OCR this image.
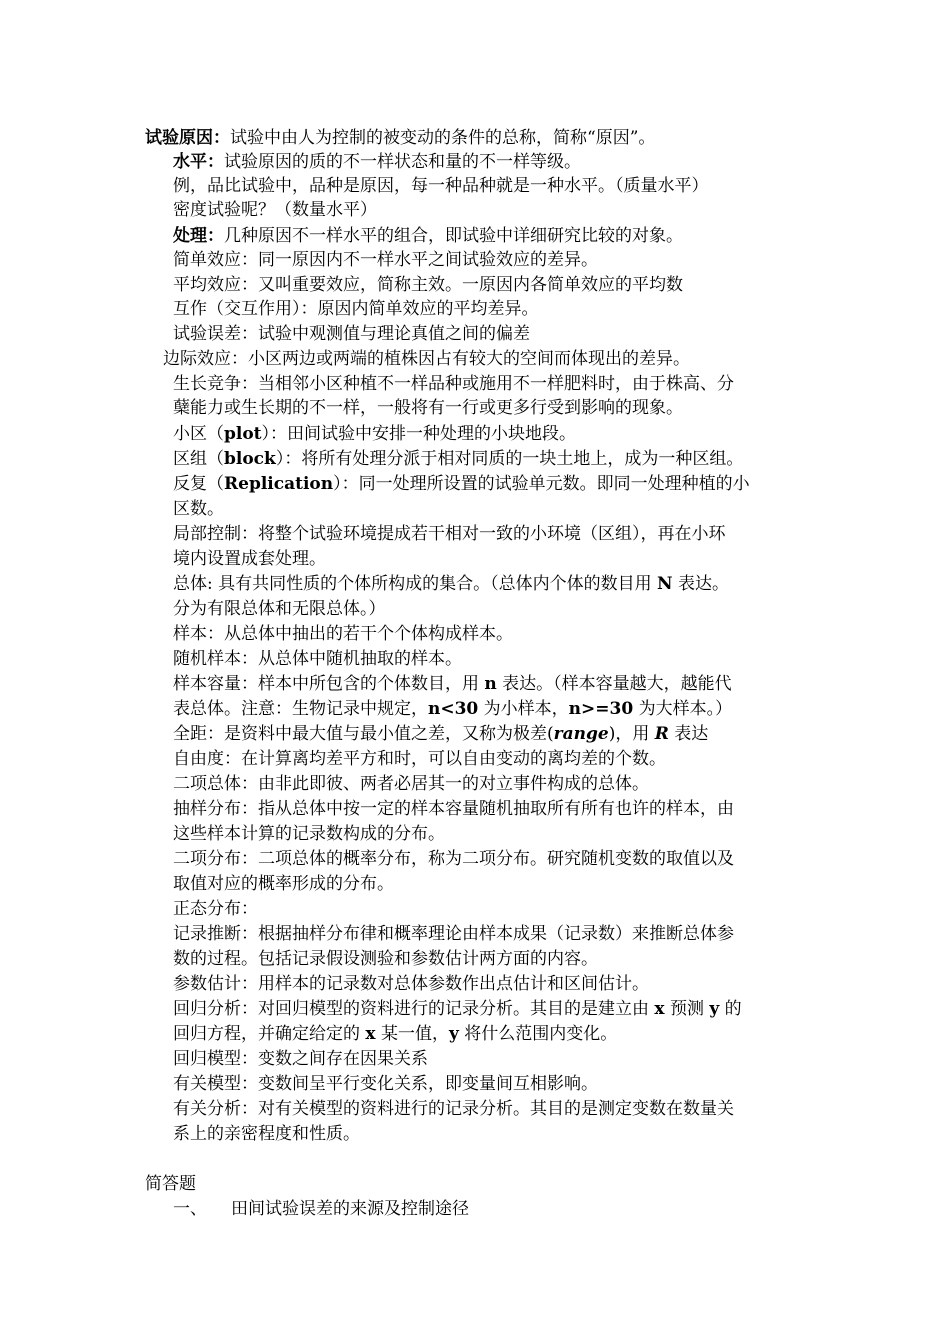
试验原因：试验中由人为控制的被变动的条件的总称，简称“原因”。
水平：试验原因的质的不一样状态和量的不一样等级。
例，品比试验中，品种是原因，每一种品种就是一种水平。（质量水平）
密度试验呢？（数量水平）
处理：几种原因不一样水平的组合，即试验中详细研究比较的对象。
简单效应：同一原因内不一样水平之间试验效应的差异。
平均效应：又叫重要效应，简称主效。一原因内各简单效应的平均数
互作（交互作用）：原因内简单效应的平均差异。
试验误差：试验中观测值与理论真值之间的偏差
边际效应：小区两边或两端的植株因占有较大的空间而体现出的差异。
生长竞争：当相邻小区种植不一样品种或施用不一样肥料时，由于株高、分
蘖能力或生长期的不一样，一般将有一行或更多行受到影响的现象。
小区（plot）：田间试验中安排一种处理的小块地段。
区组（block）：将所有处理分派于相对同质的一块土地上，成为一种区组。
反复（Replication）：同一处理所设置的试验单元数。即同一处理种植的小
区数。
局部控制：将整个试验环境提成若干相对一致的小环境（区组），再在小环
境内设置成套处理。
总体: 具有共同性质的个体所构成的集合。（总体内个体的数目用 N 表达。
分为有限总体和无限总体。）
样本：从总体中抽出的若干个个体构成样本。
随机样本：从总体中随机抽取的样本。
样本容量：样本中所包含的个体数目，用 n 表达。（样本容量越大，越能代
表总体。注意：生物记录中规定，n<30 为小样本，n>=30 为大样本。）
全距：是资料中最大值与最小值之差，又称为极差(range)，用 R 表达
自由度：在计算离均差平方和时，可以自由变动的离均差的个数。
二项总体：由非此即彼、两者必居其一的对立事件构成的总体。
抽样分布：指从总体中按一定的样本容量随机抽取所有所有也许的样本，由
这些样本计算的记录数构成的分布。
二项分布：二项总体的概率分布，称为二项分布。研究随机变数的取值以及
取值对应的概率形成的分布。
正态分布：
记录推断：根据抽样分布律和概率理论由样本成果（记录数）来推断总体参
数的过程。包括记录假设测验和参数估计两方面的内容。
参数估计：用样本的记录数对总体参数作出点估计和区间估计。
回归分析：对回归模型的资料进行的记录分析。其目的是建立由 x 预测 y 的
回归方程，并确定给定的 x 某一值，y 将什么范围内变化。
回归模型：变数之间存在因果关系
有关模型：变数间呈平行变化关系，即变量间互相影响。
有关分析：对有关模型的资料进行的记录分析。其目的是测定变数在数量关
系上的亲密程度和性质。
简答题
一、 田间试验误差的来源及控制途径
